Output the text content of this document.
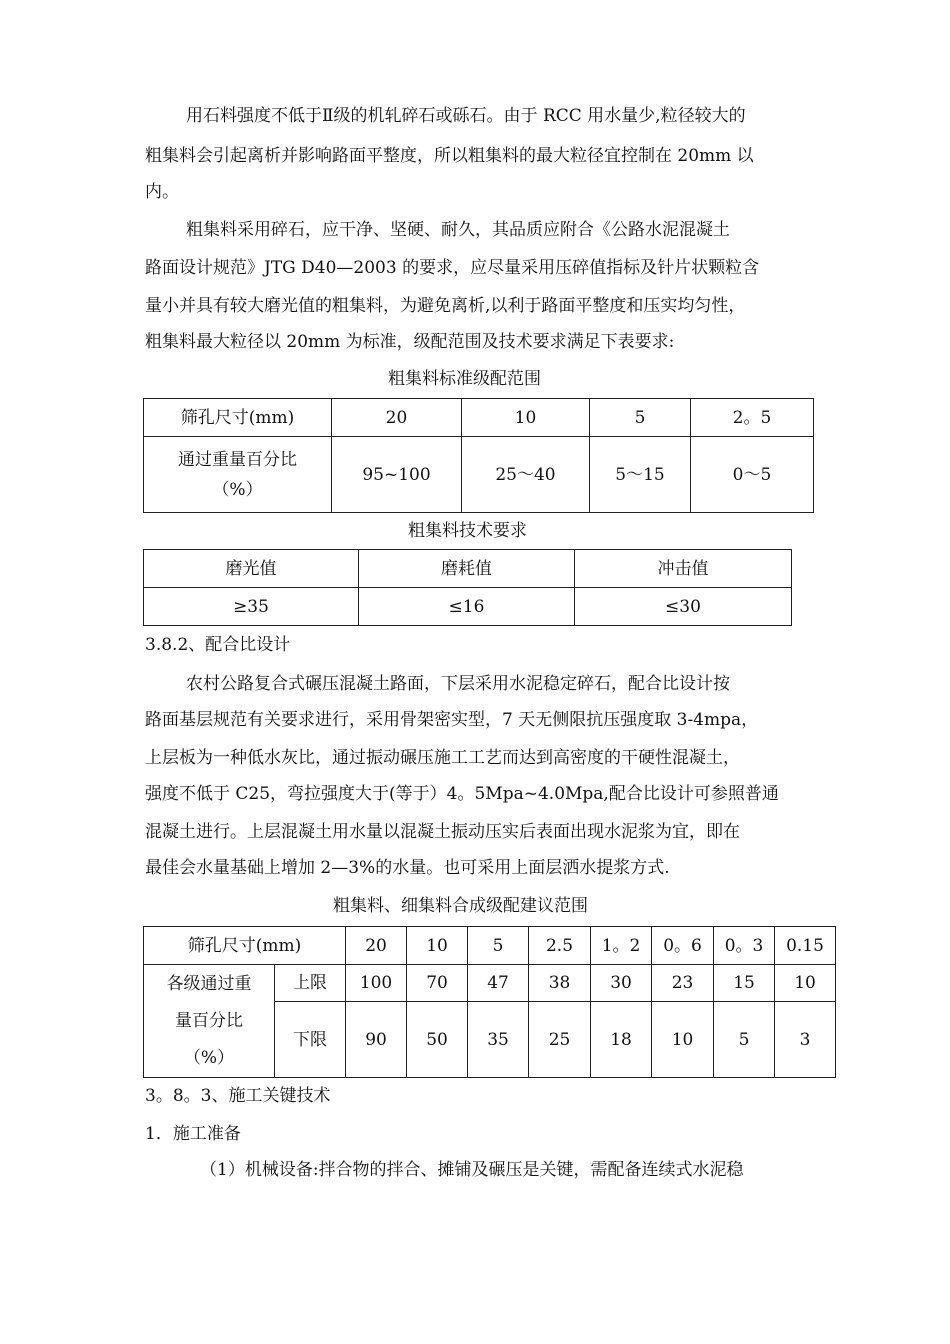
用石料强度不低于Ⅱ级的机轧碎石或砾石。由于 RCC 用水量少,粒径较大的
粗集料会引起离析并影响路面平整度，所以粗集料的最大粒径宜控制在 20mm 以
内。
粗集料采用碎石，应干净、坚硬、耐久，其品质应附合《公路水泥混凝土
路面设计规范》JTG D40—2003 的要求，应尽量采用压碎值指标及针片状颗粒含
量小并具有较大磨光值的粗集料，为避免离析,以利于路面平整度和压实均匀性，
粗集料最大粒径以 20mm 为标准，级配范围及技术要求满足下表要求:
粗集料标准级配范围
筛孔尺寸(mm)	20	10	5	2。5

通过重量百分比
（%）	95~100	25～40	5～15	0～5
粗集料技术要求
磨光值	磨耗值	冲击值
≥35	≤16	≤30
3.8.2、配合比设计
农村公路复合式碾压混凝土路面，下层采用水泥稳定碎石，配合比设计按
路面基层规范有关要求进行，采用骨架密实型，7 天无侧限抗压强度取 3-4mpa，
上层板为一种低水灰比，通过振动碾压施工工艺而达到高密度的干硬性混凝土，
强度不低于 C25，弯拉强度大于(等于）4。5Mpa~4.0Mpa,配合比设计可参照普通
混凝土进行。上层混凝土用水量以混凝土振动压实后表面出现水泥浆为宜，即在
最佳会水量基础上增加 2—3%的水量。也可采用上面层洒水提浆方式.
粗集料、细集料合成级配建议范围
筛孔尺寸(mm)		20	10	5	2.5	1。2	0。6	0。3	0.15

各级通过重
量百分比
（%）	上限	100	70	47	38	30	23	15	10
	下限	90	50	35	25	18	10	5	3
3。8。3、施工关键技术
1．施工准备
（1）机械设备:拌合物的拌合、摊铺及碾压是关键，需配备连续式水泥稳
